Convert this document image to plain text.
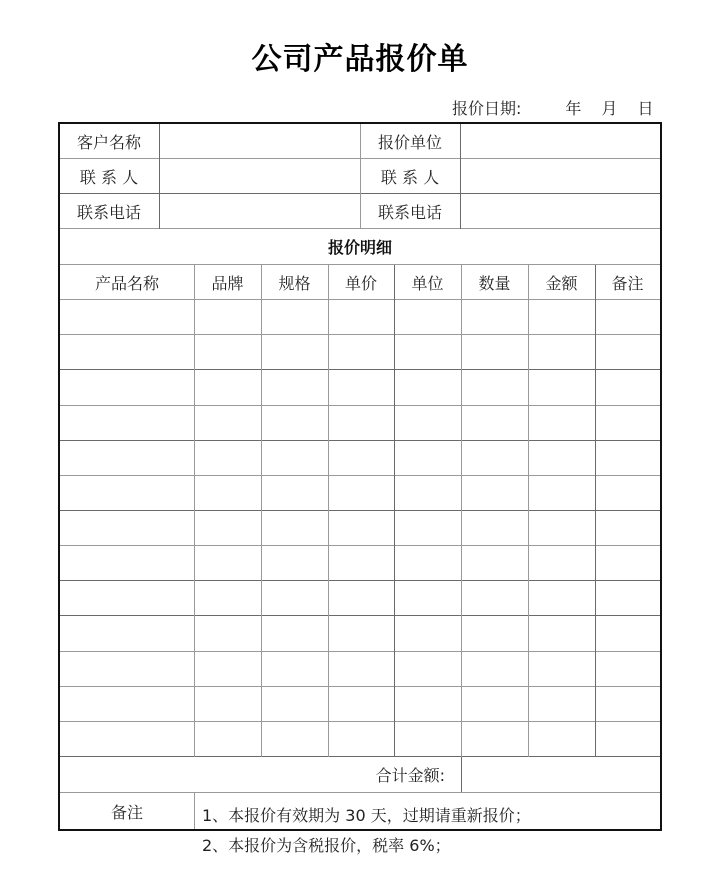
公司产品报价单
报价日期:	年 月 日
客户名称	报价单位
联 系 人	联 系 人
联系电话	联系电话
报价明细
产品名称	品牌	规格	单价	单位	数量	金额	备注
合计金额:
备注	1、本报价有效期为 30 天，过期请重新报价；
2、本报价为含税报价，税率 6%；
